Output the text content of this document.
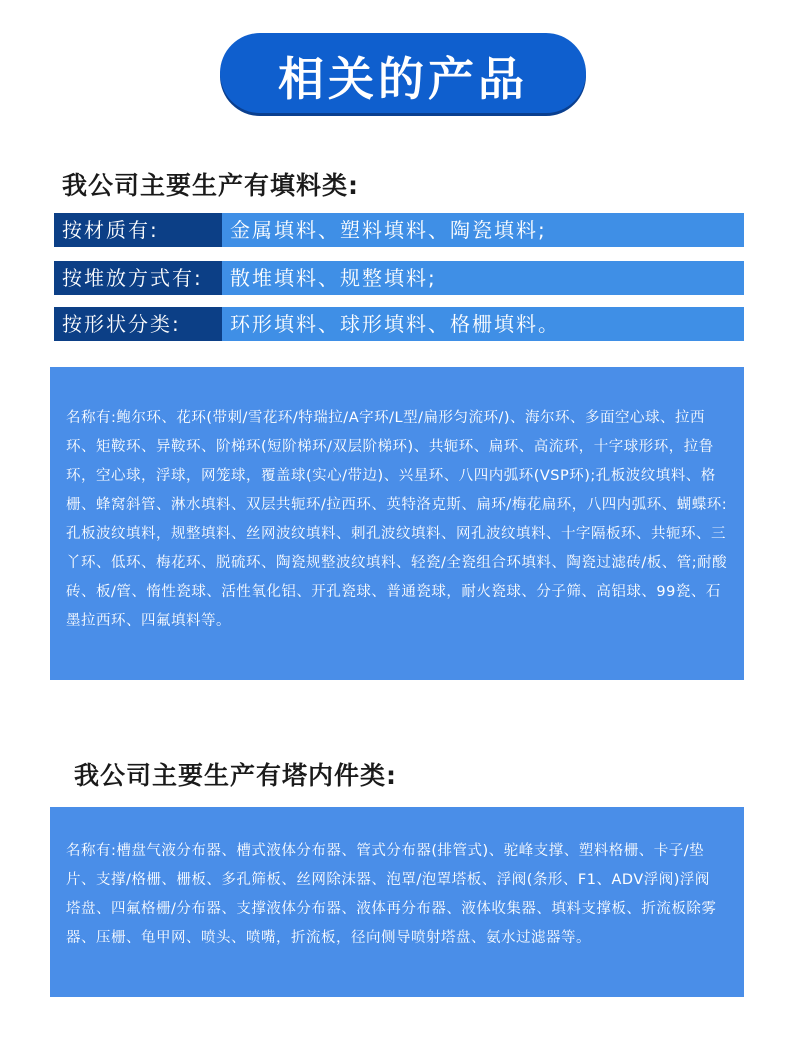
相关的产品
我公司主要生产有填料类:
按材质有:	金属填料、塑料填料、陶瓷填料;
按堆放方式有:	散堆填料、规整填料;
按形状分类:	环形填料、球形填料、格栅填料。

名称有:鲍尔环、花环(带刺/雪花环/特瑞拉/A字环/L型/扁形匀流环/)、海尔环、多面空心球、拉西环、矩鞍环、异鞍环、阶梯环(短阶梯环/双层阶梯环)、共轭环、扁环、高流环，十字球形环，拉鲁环，空心球，浮球，网笼球，覆盖球(实心/带边)、兴星环、八四内弧环(VSP环);孔板波纹填料、格栅、蜂窝斜管、淋水填料、双层共轭环/拉西环、英特洛克斯、扁环/梅花扁环，八四内弧环、蝴蝶环:孔板波纹填料，规整填料、丝网波纹填料、刺孔波纹填料、网孔波纹填料、十字隔板环、共轭环、三丫环、低环、梅花环、脱硫环、陶瓷规整波纹填料、轻瓷/全瓷组合环填料、陶瓷过滤砖/板、管;耐酸砖、板/管、惰性瓷球、活性氧化铝、开孔瓷球、普通瓷球，耐火瓷球、分子筛、高铝球、99瓷、石墨拉西环、四氟填料等。

我公司主要生产有塔内件类:

名称有:槽盘气液分布器、槽式液体分布器、管式分布器(排管式)、驼峰支撑、塑料格栅、卡子/垫片、支撑/格栅、栅板、多孔筛板、丝网除沫器、泡罩/泡罩塔板、浮阀(条形、F1、ADV浮阀)浮阀塔盘、四氟格栅/分布器、支撑液体分布器、液体再分布器、液体收集器、填料支撑板、折流板除雾器、压栅、龟甲网、喷头、喷嘴，折流板，径向侧导喷射塔盘、氨水过滤器等。
